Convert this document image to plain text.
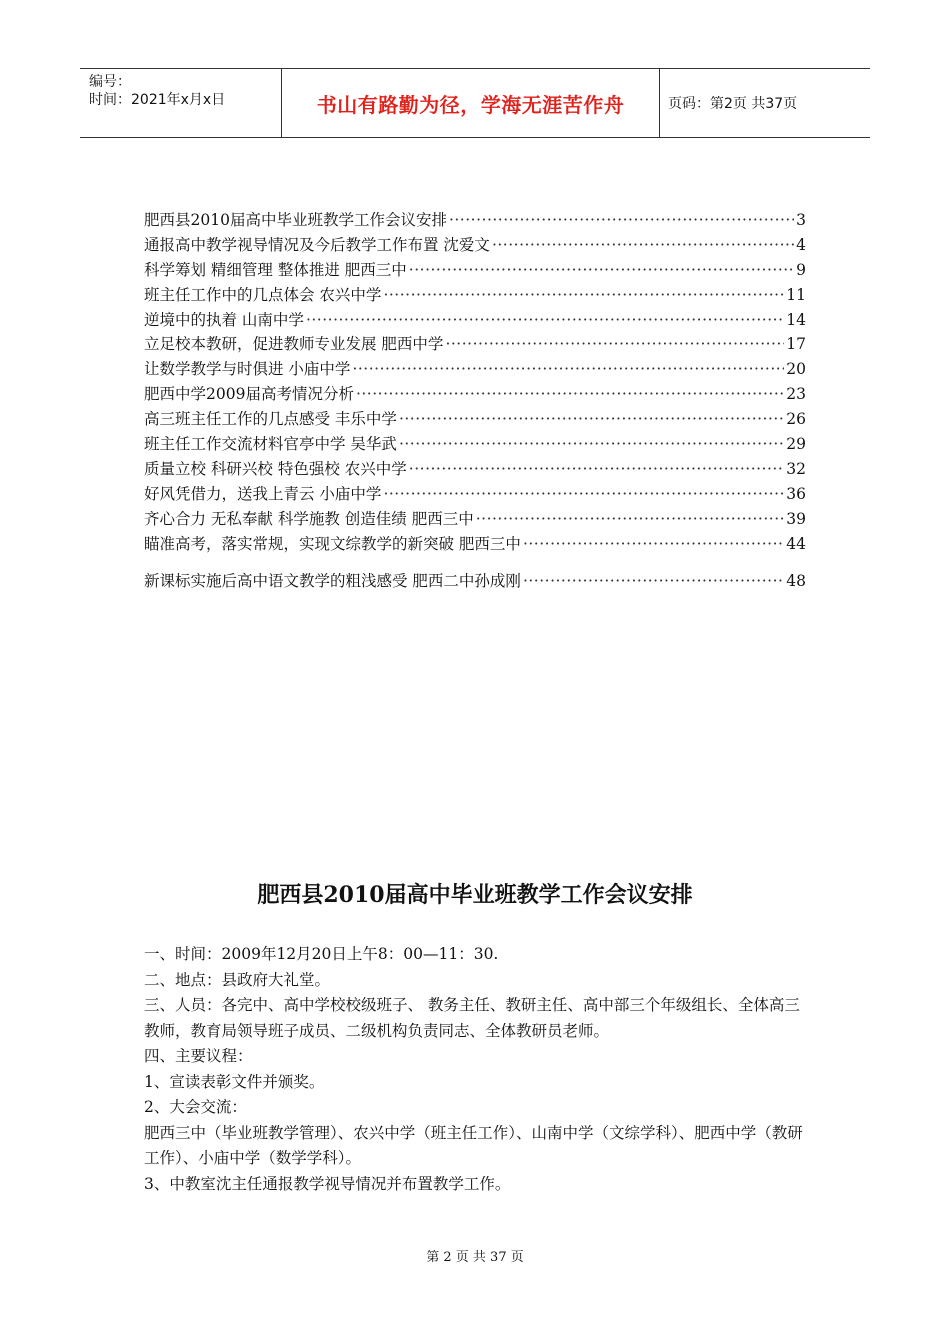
编号：
时间：2021年x月x日	书山有路勤为径，学海无涯苦作舟	页码：第2页 共37页
肥西县2010届高中毕业班教学工作会议安排 ·····	3
通报高中教学视导情况及今后教学工作布置 沈爱文 ·····	4
科学筹划 精细管理 整体推进 肥西三中 ·····	9
班主任工作中的几点体会 农兴中学 ·····	11
逆境中的执着 山南中学 ·····	14
立足校本教研，促进教师专业发展 肥西中学 ·····	17
让数学教学与时俱进 小庙中学 ·····	20
肥西中学2009届高考情况分析 ·····	23
高三班主任工作的几点感受 丰乐中学 ·····	26
班主任工作交流材料官亭中学 吴华武 ·····	29
质量立校 科研兴校 特色强校 农兴中学 ·····	32
好风凭借力，送我上青云 小庙中学 ·····	36
齐心合力 无私奉献 科学施教 创造佳绩 肥西三中 ·····	39
瞄准高考，落实常规，实现文综教学的新突破 肥西三中 ·····	44
新课标实施后高中语文教学的粗浅感受 肥西二中孙成刚 ·····	48
肥西县2010届高中毕业班教学工作会议安排

一、时间：2009年12月20日上午8：00—11：30.

二、地点：县政府大礼堂。

三、人员：各完中、高中学校校级班子、 教务主任、教研主任、高中部三个年级组长、全体高三教师，教育局领导班子成员、二级机构负责同志、全体教研员老师。

四、主要议程：

1、宣读表彰文件并颁奖。

2、大会交流：

肥西三中（毕业班教学管理）、农兴中学（班主任工作）、山南中学（文综学科）、肥西中学（教研工作）、小庙中学（数学学科）。

3、中教室沈主任通报教学视导情况并布置教学工作。

第 2 页 共 37 页
